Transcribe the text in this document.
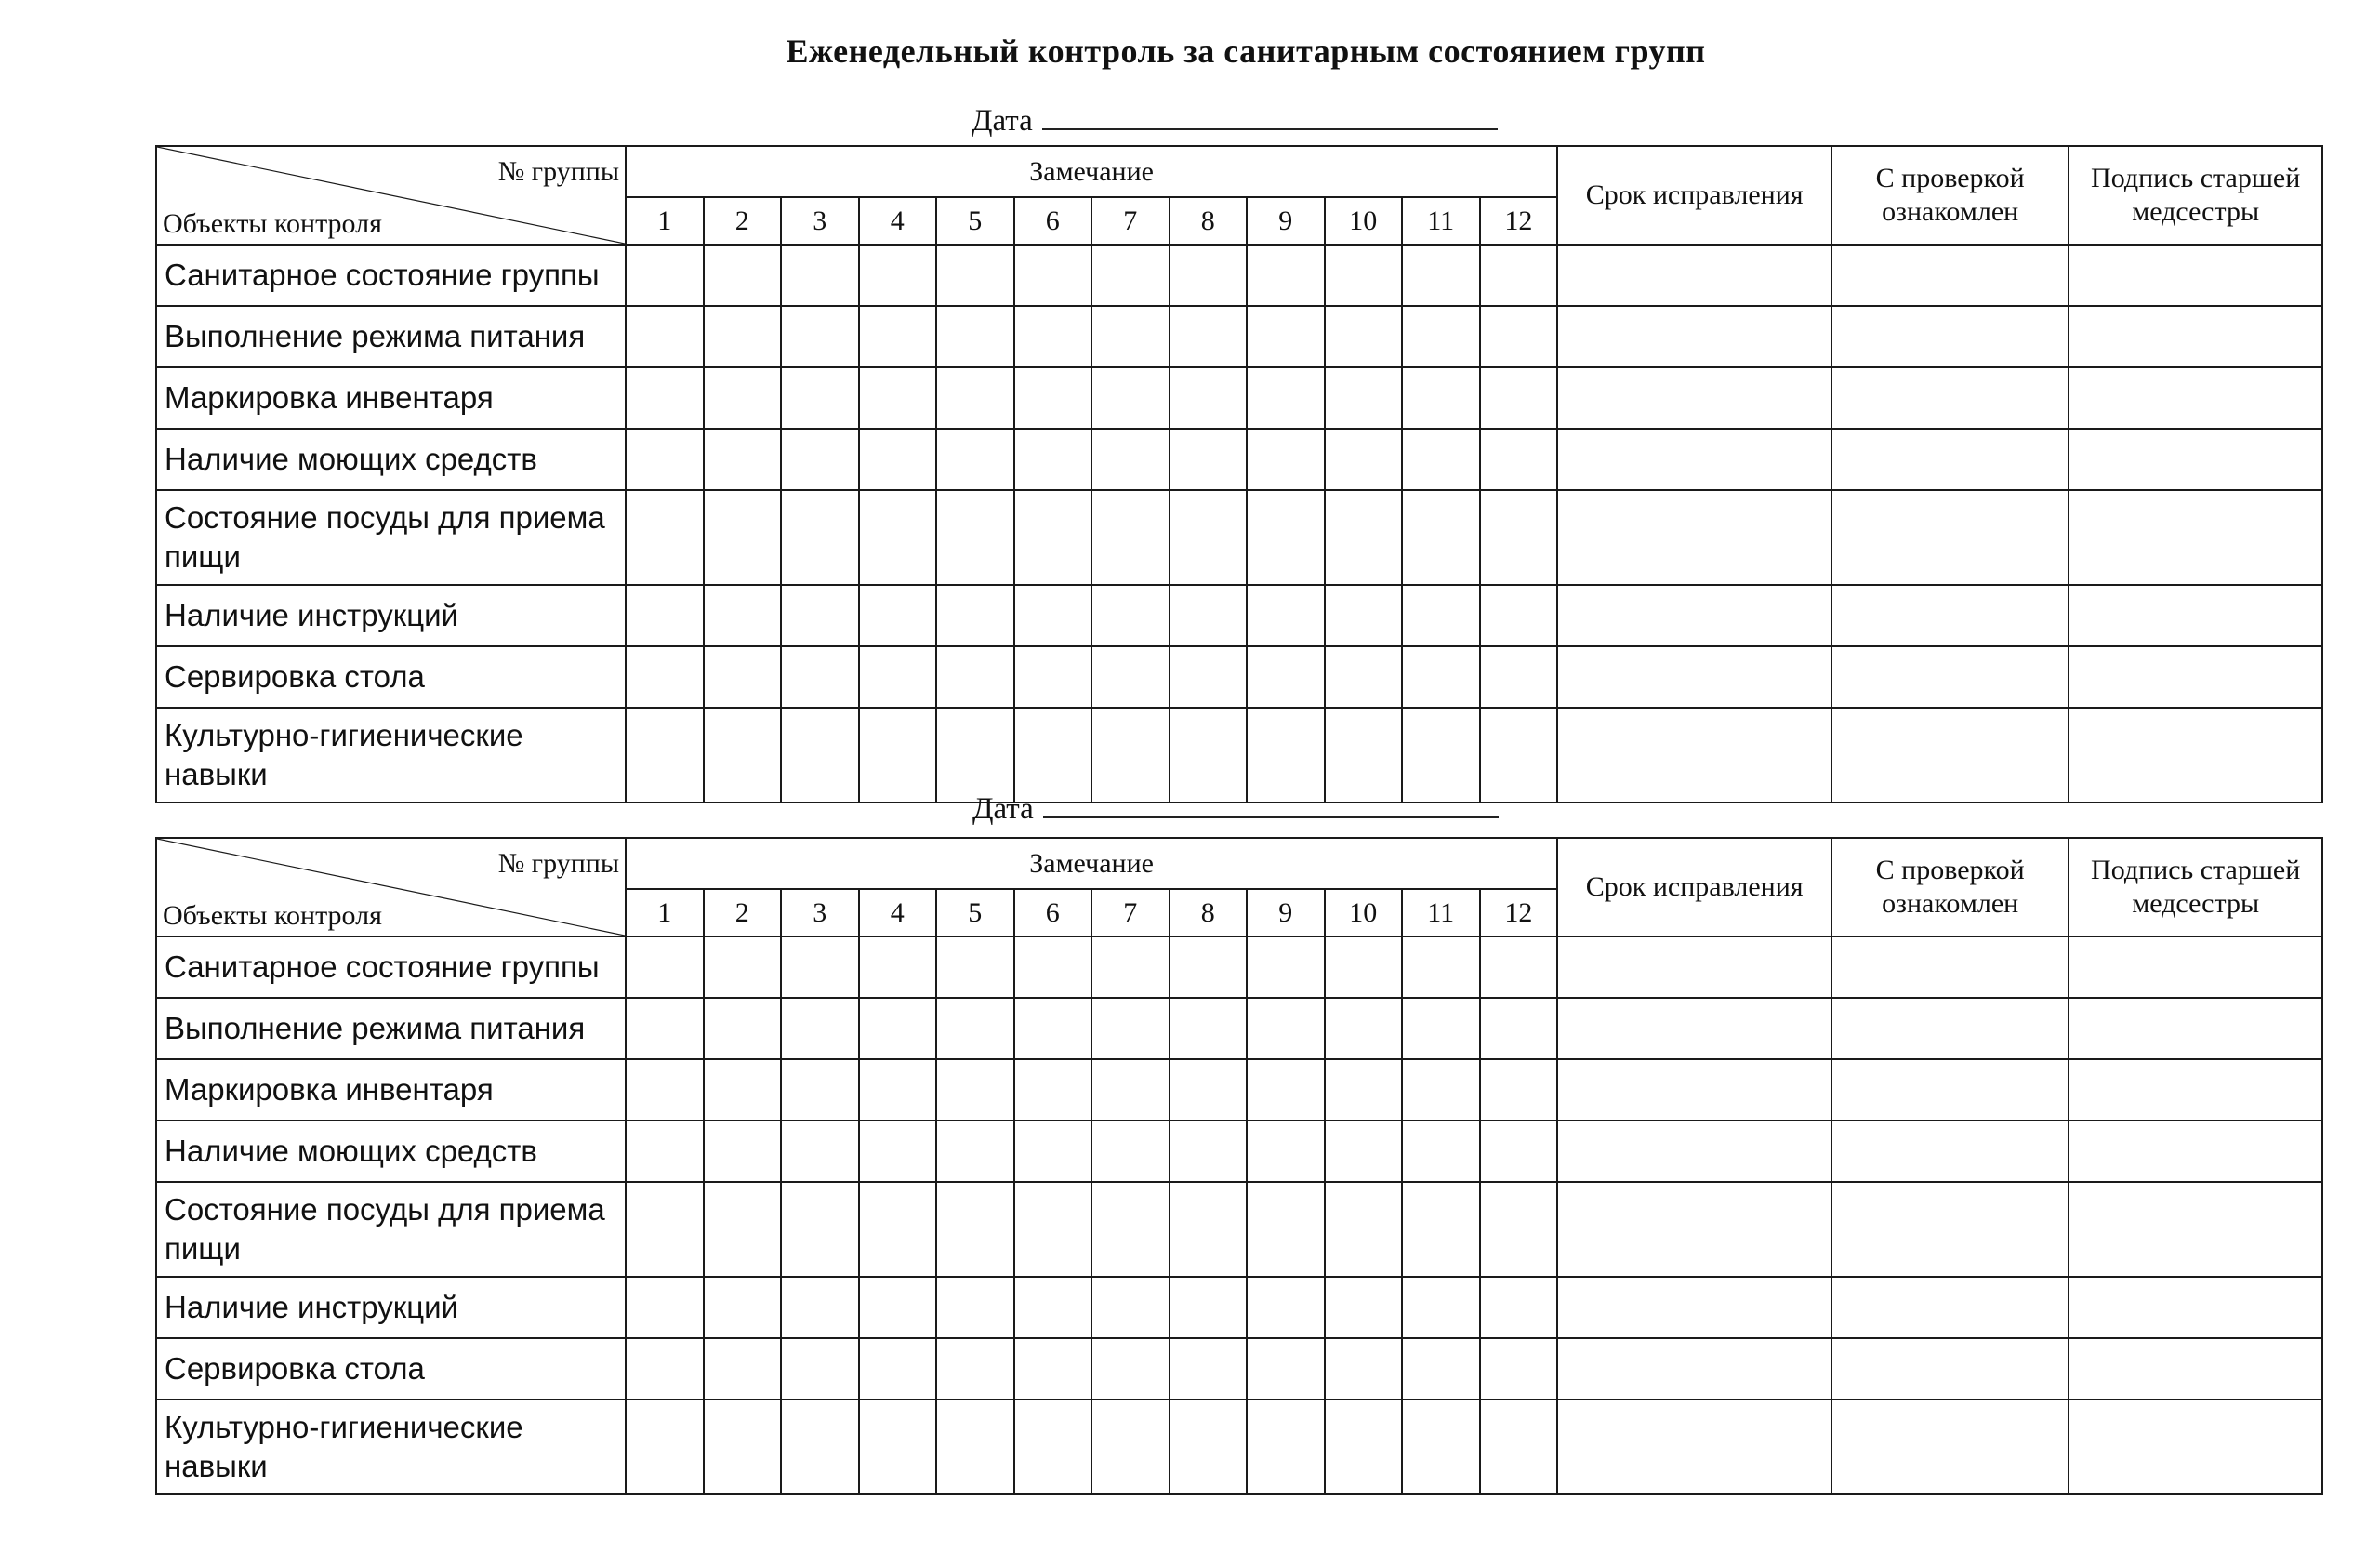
Еженедельный контроль за санитарным состоянием групп
Дата
№ группы
Объекты контроля	Замечание												Срок исправления	С проверкой ознакомлен	Подпись старшей медсестры
	1	2	3	4	5	6	7	8	9	10	11	12			
Санитарное состояние группы															
Выполнение режима питания															
Маркировка инвентаря															
Наличие моющих средств															
Состояние посуды для приема пищи															
Наличие инструкций															
Сервировка стола															
Культурно-гигиенические навыки															
Дата
№ группы
Объекты контроля	Замечание												Срок исправления	С проверкой ознакомлен	Подпись старшей медсестры
	1	2	3	4	5	6	7	8	9	10	11	12			
Санитарное состояние группы															
Выполнение режима питания															
Маркировка инвентаря															
Наличие моющих средств															
Состояние посуды для приема пищи															
Наличие инструкций															
Сервировка стола															
Культурно-гигиенические навыки															
